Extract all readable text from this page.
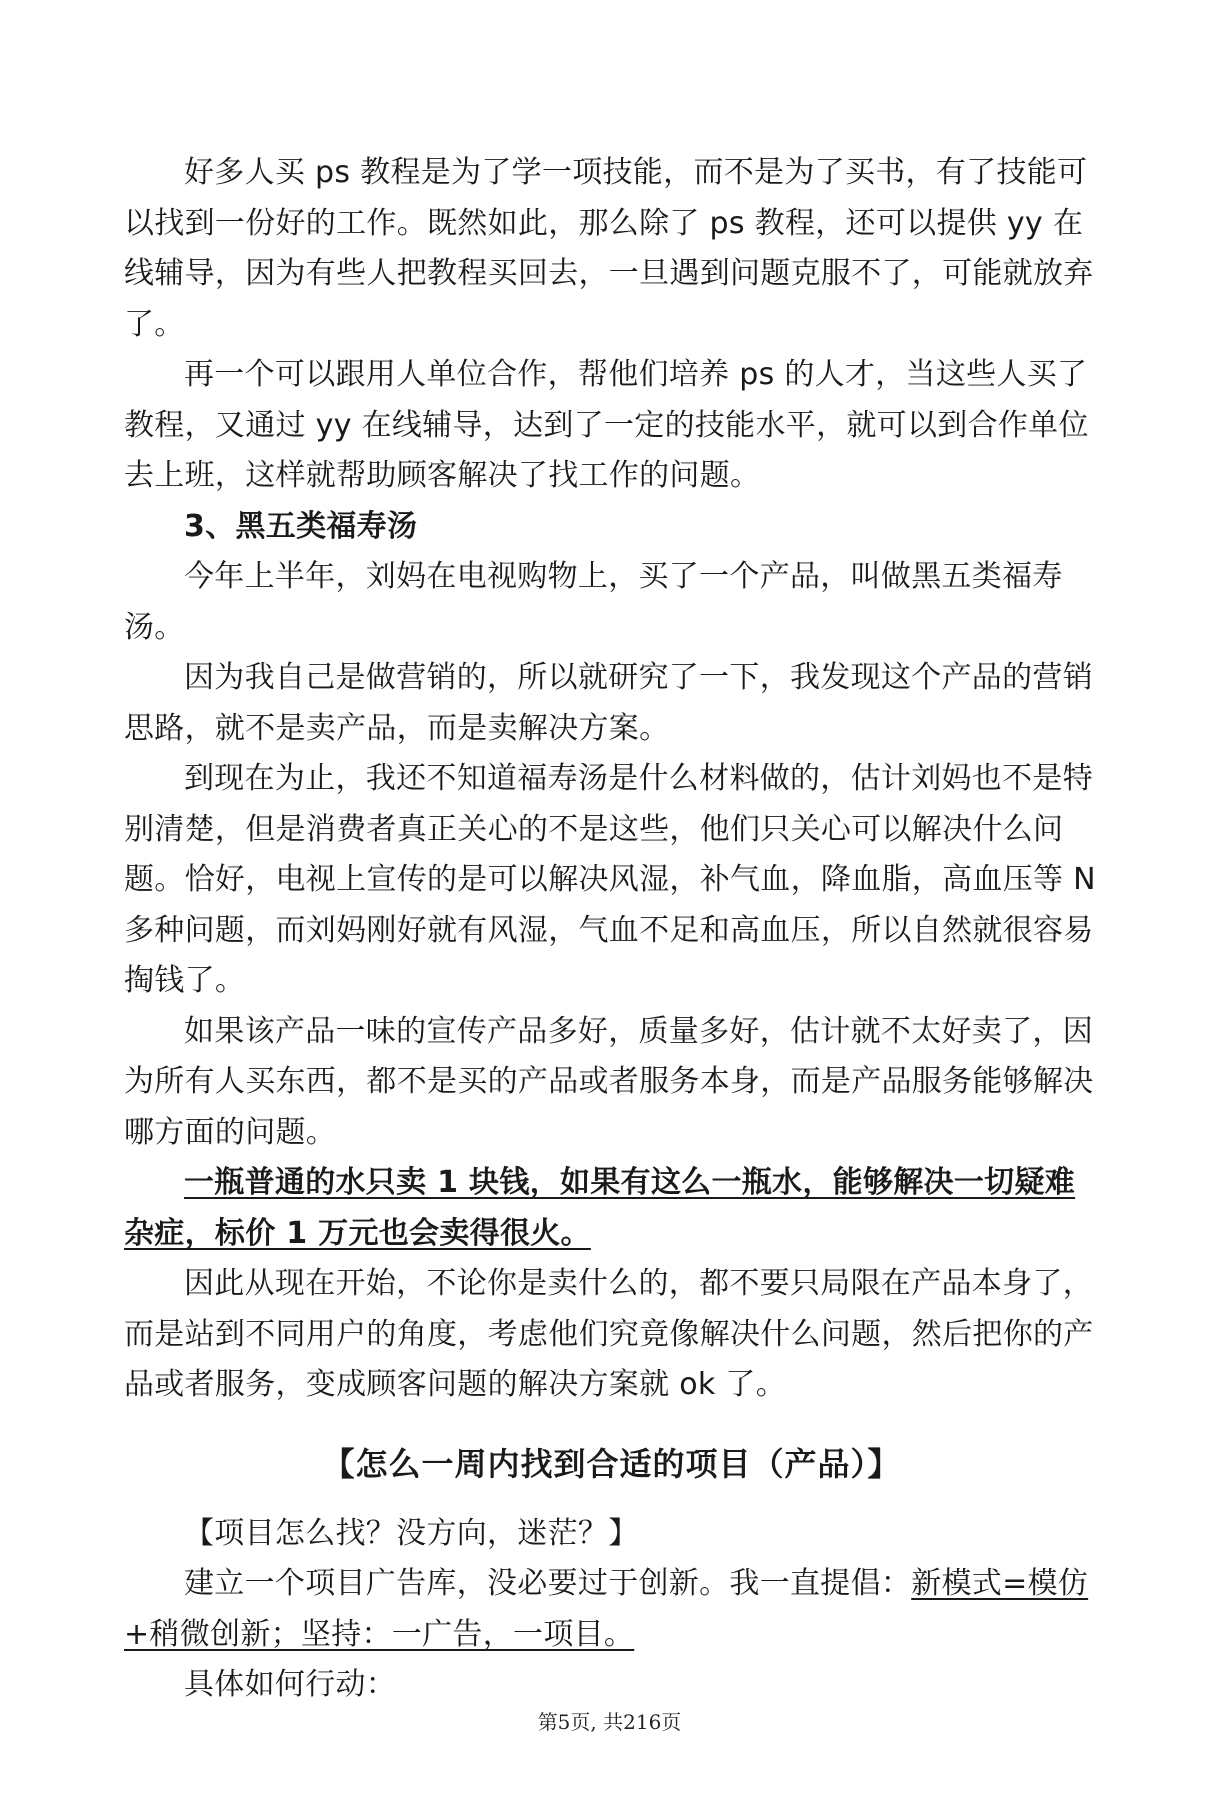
好多人买 ps 教程是为了学一项技能，而不是为了买书，有了技能可以找到一份好的工作。既然如此，那么除了 ps 教程，还可以提供 yy 在线辅导，因为有些人把教程买回去，一旦遇到问题克服不了，可能就放弃了。

再一个可以跟用人单位合作，帮他们培养 ps 的人才，当这些人买了教程，又通过 yy 在线辅导，达到了一定的技能水平，就可以到合作单位去上班，这样就帮助顾客解决了找工作的问题。

3、黑五类福寿汤

今年上半年，刘妈在电视购物上，买了一个产品，叫做黑五类福寿汤。

因为我自己是做营销的，所以就研究了一下，我发现这个产品的营销思路，就不是卖产品，而是卖解决方案。

到现在为止，我还不知道福寿汤是什么材料做的，估计刘妈也不是特别清楚，但是消费者真正关心的不是这些，他们只关心可以解决什么问题。恰好，电视上宣传的是可以解决风湿，补气血，降血脂，高血压等 N 多种问题，而刘妈刚好就有风湿，气血不足和高血压，所以自然就很容易掏钱了。

如果该产品一味的宣传产品多好，质量多好，估计就不太好卖了，因为所有人买东西，都不是买的产品或者服务本身，而是产品服务能够解决哪方面的问题。

一瓶普通的水只卖 1 块钱，如果有这么一瓶水，能够解决一切疑难杂症，标价 1 万元也会卖得很火。

因此从现在开始，不论你是卖什么的，都不要只局限在产品本身了，而是站到不同用户的角度，考虑他们究竟像解决什么问题，然后把你的产品或者服务，变成顾客问题的解决方案就 ok 了。

【怎么一周内找到合适的项目（产品）】

【项目怎么找？没方向，迷茫？】

建立一个项目广告库，没必要过于创新。我一直提倡：新模式=模仿+稍微创新；坚持：一广告，一项目。

具体如何行动：

第5页, 共216页
